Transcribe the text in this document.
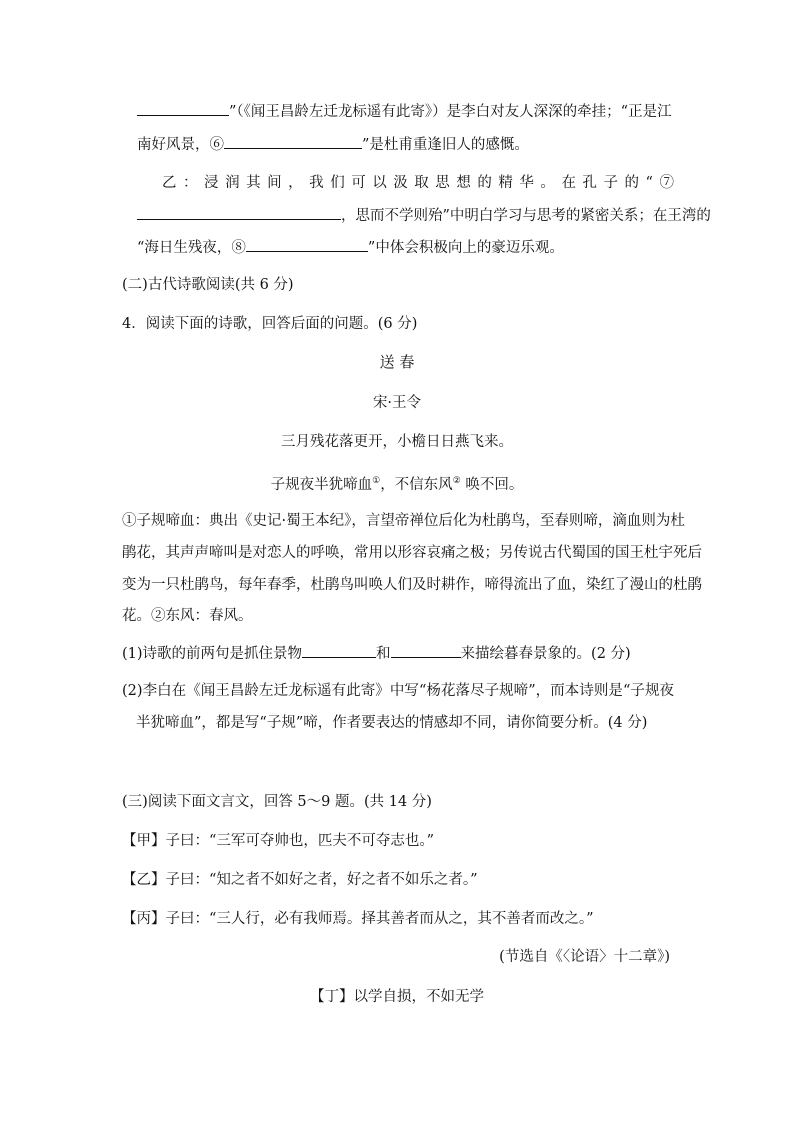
”（《闻王昌龄左迁龙标遥有此寄》）是李白对友人深深的牵挂；“正是江
南好风景，⑥	”是杜甫重逢旧人的感慨。
乙：浸润其间，我们可以汲取思想的精华。在孔子的“⑦
，思而不学则殆”中明白学习与思考的紧密关系；在王湾的
“海日生残夜，⑧	”中体会积极向上的豪迈乐观。
(二)古代诗歌阅读(共 6 分)
4．阅读下面的诗歌，回答后面的问题。(6 分)
送 春
宋·王令
三月残花落更开，小檐日日燕飞来。
子规夜半犹啼血①，不信东风② 唤不回。
①子规啼血：典出《史记·蜀王本纪》，言望帝禅位后化为杜鹃鸟，至春则啼，滴血则为杜
鹃花，其声声啼叫是对恋人的呼唤，常用以形容哀痛之极；另传说古代蜀国的国王杜宇死后
变为一只杜鹃鸟，每年春季，杜鹃鸟叫唤人们及时耕作，啼得流出了血，染红了漫山的杜鹃
花。②东风：春风。
(1)诗歌的前两句是抓住景物	和	来描绘暮春景象的。(2 分)
(2)李白在《闻王昌龄左迁龙标遥有此寄》中写“杨花落尽子规啼”，而本诗则是“子规夜
半犹啼血”，都是写“子规”啼，作者要表达的情感却不同，请你简要分析。(4 分)
(三)阅读下面文言文，回答 5～9 题。(共 14 分)
【甲】子曰：“三军可夺帅也，匹夫不可夺志也。”
【乙】子曰：“知之者不如好之者，好之者不如乐之者。”
【丙】子曰：“三人行，必有我师焉。择其善者而从之，其不善者而改之。”
(节选自《〈论语〉十二章》)
【丁】以学自损，不如无学
